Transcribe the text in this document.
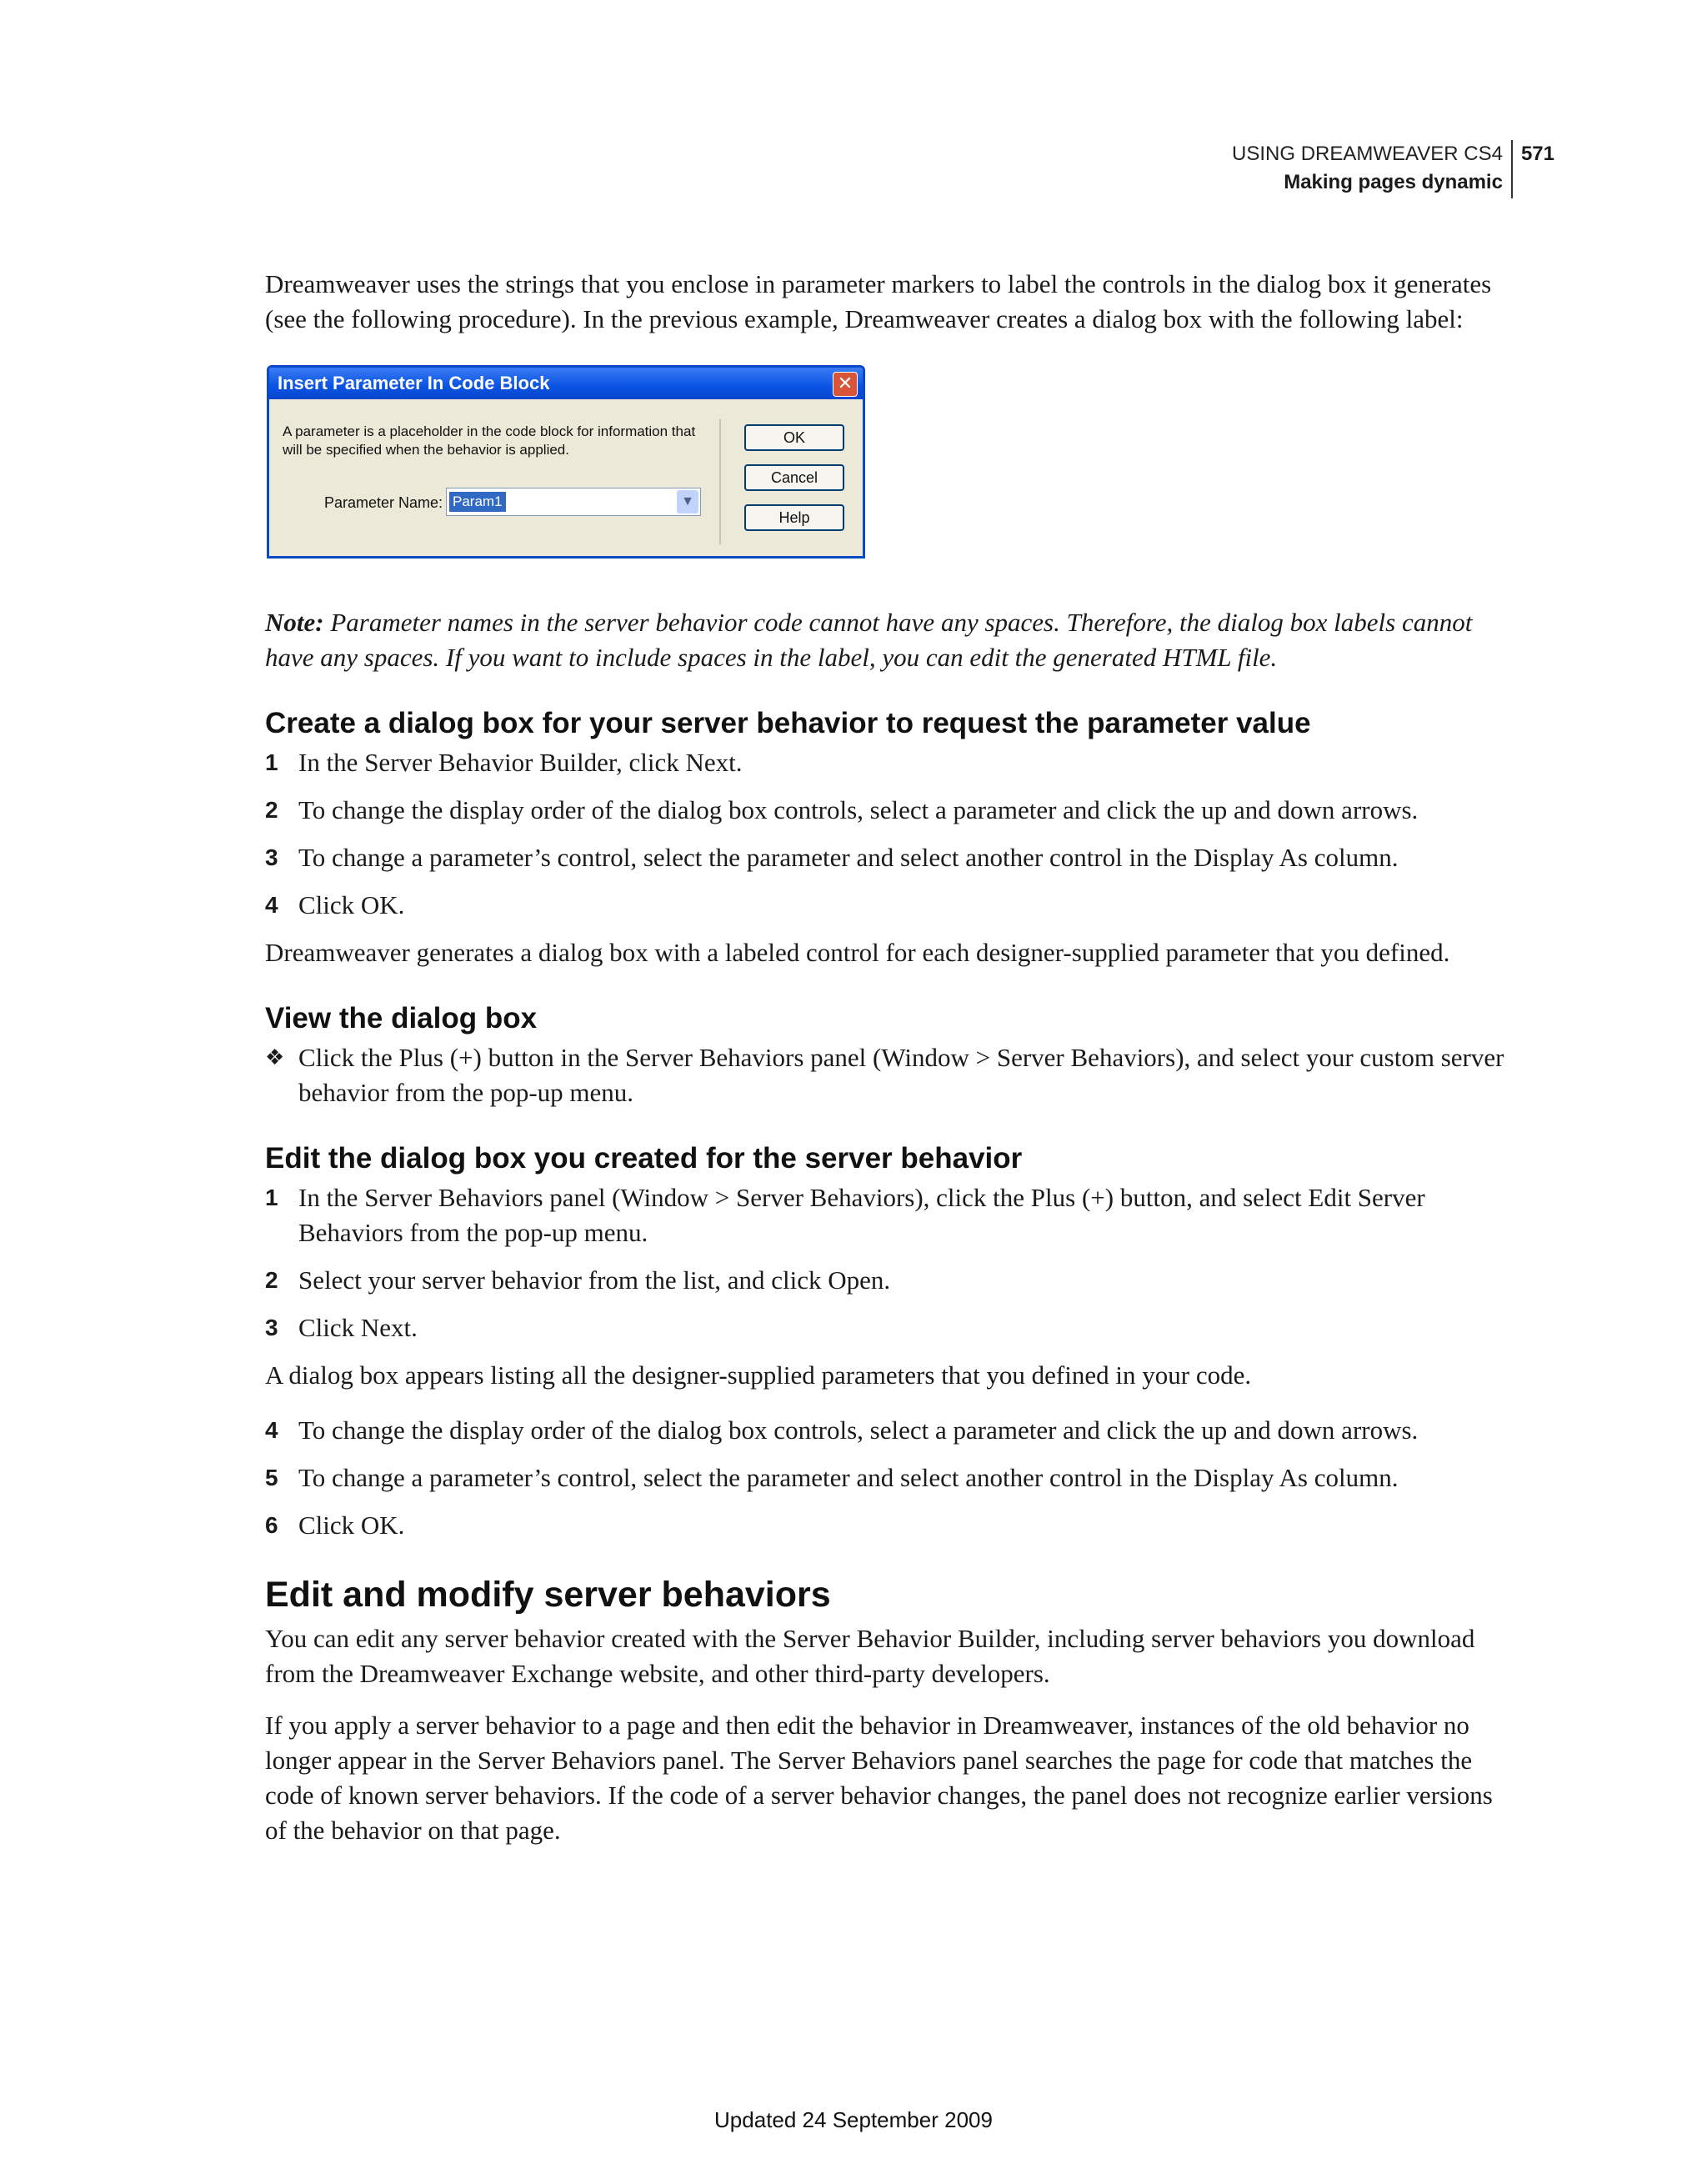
USING DREAMWEAVER CS4
Making pages dynamic
571

Dreamweaver uses the strings that you enclose in parameter markers to label the controls in the dialog box it generates (see the following procedure). In the previous example, Dreamweaver creates a dialog box with the following label:

Insert Parameter In Code Block	✕
A parameter is a placeholder in the code block for information that will be specified when the behavior is applied.
Parameter Name: Param1	▼
OK
Cancel
Help

Note: Parameter names in the server behavior code cannot have any spaces. Therefore, the dialog box labels cannot have any spaces. If you want to include spaces in the label, you can edit the generated HTML file.

Create a dialog box for your server behavior to request the parameter value
1 In the Server Behavior Builder, click Next.
2 To change the display order of the dialog box controls, select a parameter and click the up and down arrows.
3 To change a parameter’s control, select the parameter and select another control in the Display As column.
4 Click OK.

Dreamweaver generates a dialog box with a labeled control for each designer-supplied parameter that you defined.

View the dialog box
❖ Click the Plus (+) button in the Server Behaviors panel (Window > Server Behaviors), and select your custom server behavior from the pop-up menu.
Edit the dialog box you created for the server behavior
1 In the Server Behaviors panel (Window > Server Behaviors), click the Plus (+) button, and select Edit Server Behaviors from the pop-up menu.
2 Select your server behavior from the list, and click Open.
3 Click Next.

A dialog box appears listing all the designer-supplied parameters that you defined in your code.

4 To change the display order of the dialog box controls, select a parameter and click the up and down arrows.
5 To change a parameter’s control, select the parameter and select another control in the Display As column.
6 Click OK.
Edit and modify server behaviors

You can edit any server behavior created with the Server Behavior Builder, including server behaviors you download from the Dreamweaver Exchange website, and other third-party developers.

If you apply a server behavior to a page and then edit the behavior in Dreamweaver, instances of the old behavior no longer appear in the Server Behaviors panel. The Server Behaviors panel searches the page for code that matches the code of known server behaviors. If the code of a server behavior changes, the panel does not recognize earlier versions of the behavior on that page.

Updated 24 September 2009
